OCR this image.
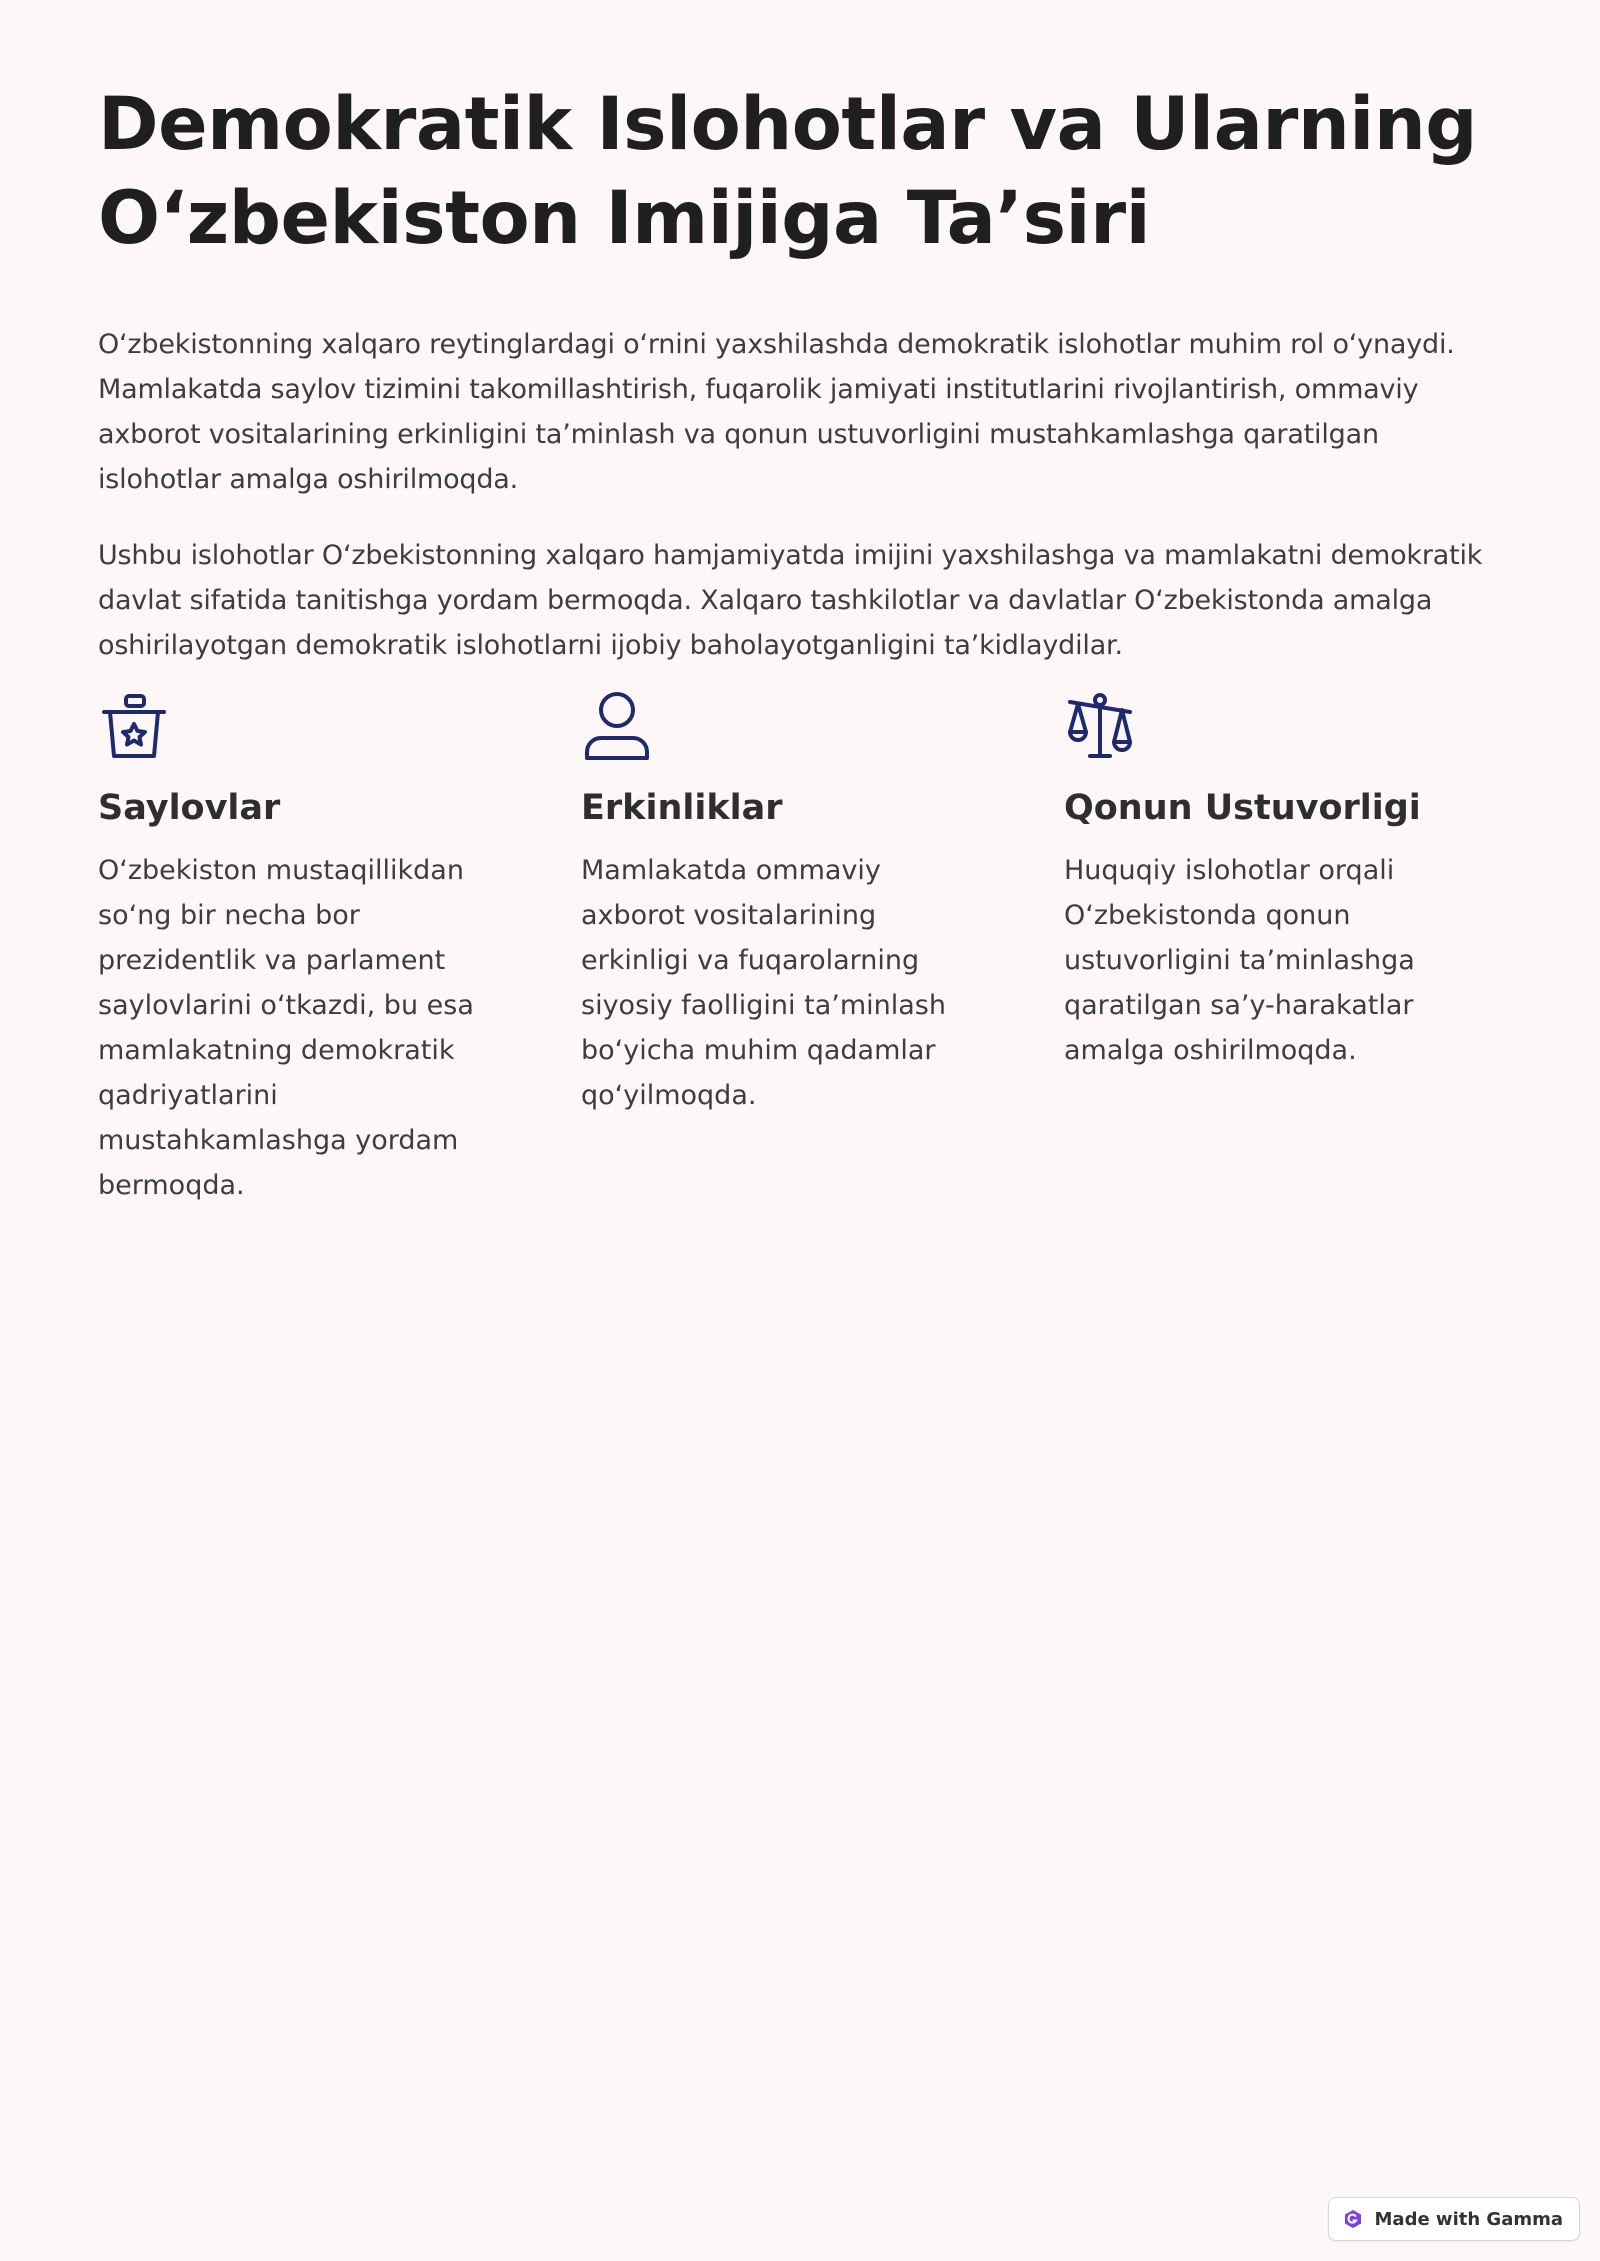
Demokratik Islohotlar va Ularning
O‘zbekiston Imijiga Ta’siri

O‘zbekistonning xalqaro reytinglardagi o‘rnini yaxshilashda demokratik islohotlar muhim rol o‘ynaydi. Mamlakatda saylov tizimini takomillashtirish, fuqarolik jamiyati institutlarini rivojlantirish, ommaviy axborot vositalarining erkinligini ta’minlash va qonun ustuvorligini mustahkamlashga qaratilgan islohotlar amalga oshirilmoqda.

Ushbu islohotlar O‘zbekistonning xalqaro hamjamiyatda imijini yaxshilashga va mamlakatni demokratik davlat sifatida tanitishga yordam bermoqda. Xalqaro tashkilotlar va davlatlar O‘zbekistonda amalga oshirilayotgan demokratik islohotlarni ijobiy baholayotganligini ta’kidlaydilar.

Saylovlar

O‘zbekiston mustaqillikdan so‘ng bir necha bor prezidentlik va parlament saylovlarini o‘tkazdi, bu esa mamlakatning demokratik qadriyatlarini mustahkamlashga yordam bermoqda.

Erkinliklar

Mamlakatda ommaviy axborot vositalarining erkinligi va fuqarolarning siyosiy faolligini ta’minlash bo‘yicha muhim qadamlar qo‘yilmoqda.

Qonun Ustuvorligi

Huquqiy islohotlar orqali O‘zbekistonda qonun ustuvorligini ta’minlashga qaratilgan sa’y-harakatlar amalga oshirilmoqda.

Made with Gamma
